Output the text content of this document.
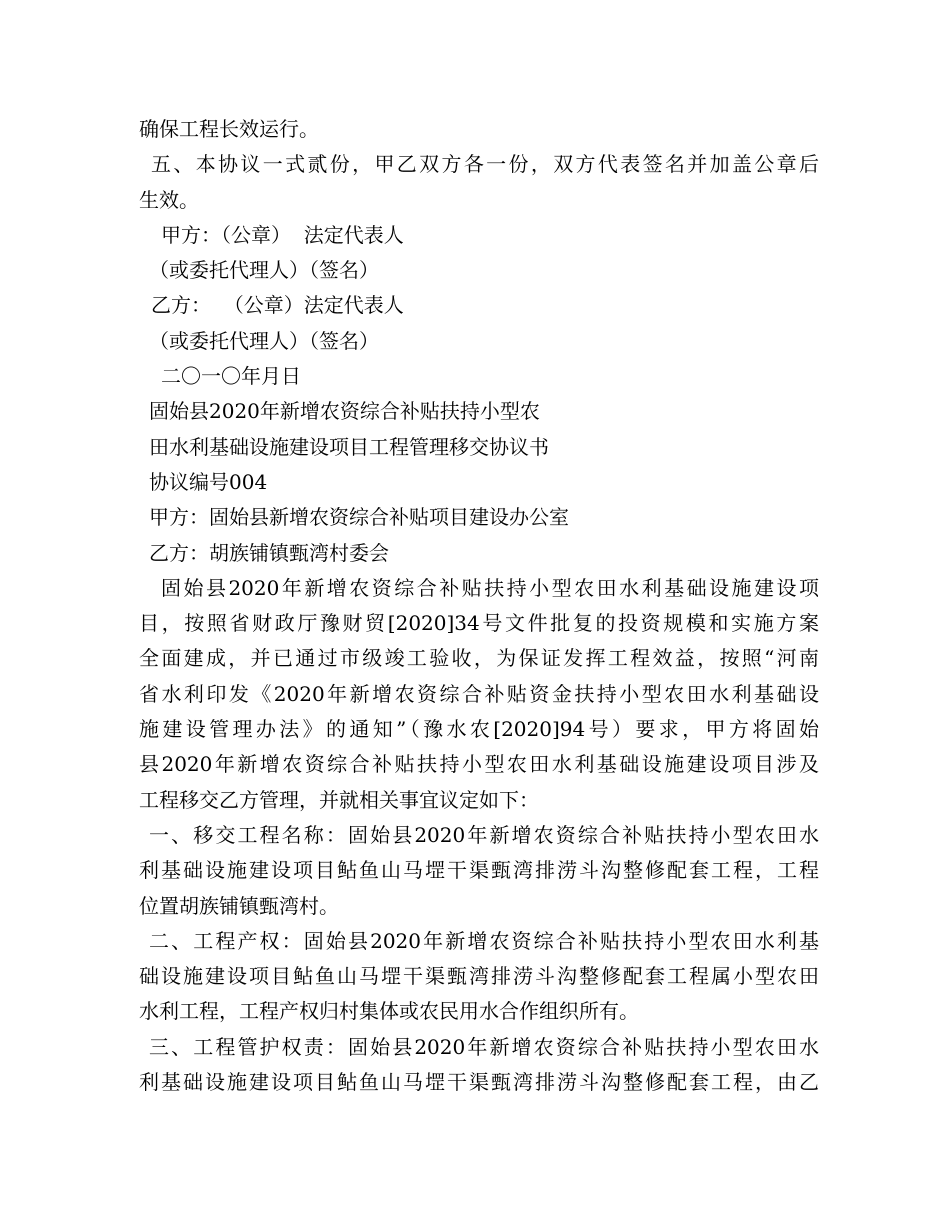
确保工程长效运行。
五、本协议一式贰份，甲乙双方各一份，双方代表签名并加盖公章后
生效。
甲方：（公章）  法定代表人
（或委托代理人）（签名）
乙方：  （公章）法定代表人
（或委托代理人）（签名）
二〇一〇年月日
固始县2020年新增农资综合补贴扶持小型农
田水利基础设施建设项目工程管理移交协议书
协议编号004
甲方：固始县新增农资综合补贴项目建设办公室
乙方：胡族铺镇甄湾村委会
固始县2020年新增农资综合补贴扶持小型农田水利基础设施建设项
目，按照省财政厅豫财贸[2020]34号文件批复的投资规模和实施方案
全面建成，并已通过市级竣工验收，为保证发挥工程效益，按照“河南
省水利印发《2020年新增农资综合补贴资金扶持小型农田水利基础设
施建设管理办法》的通知”（豫水农[2020]94号）要求，甲方将固始
县2020年新增农资综合补贴扶持小型农田水利基础设施建设项目涉及
工程移交乙方管理，并就相关事宜议定如下：
一、移交工程名称：固始县2020年新增农资综合补贴扶持小型农田水
利基础设施建设项目鲇鱼山马堽干渠甄湾排涝斗沟整修配套工程，工程
位置胡族铺镇甄湾村。
二、工程产权：固始县2020年新增农资综合补贴扶持小型农田水利基
础设施建设项目鲇鱼山马堽干渠甄湾排涝斗沟整修配套工程属小型农田
水利工程，工程产权归村集体或农民用水合作组织所有。
三、工程管护权责：固始县2020年新增农资综合补贴扶持小型农田水
利基础设施建设项目鲇鱼山马堽干渠甄湾排涝斗沟整修配套工程，由乙
